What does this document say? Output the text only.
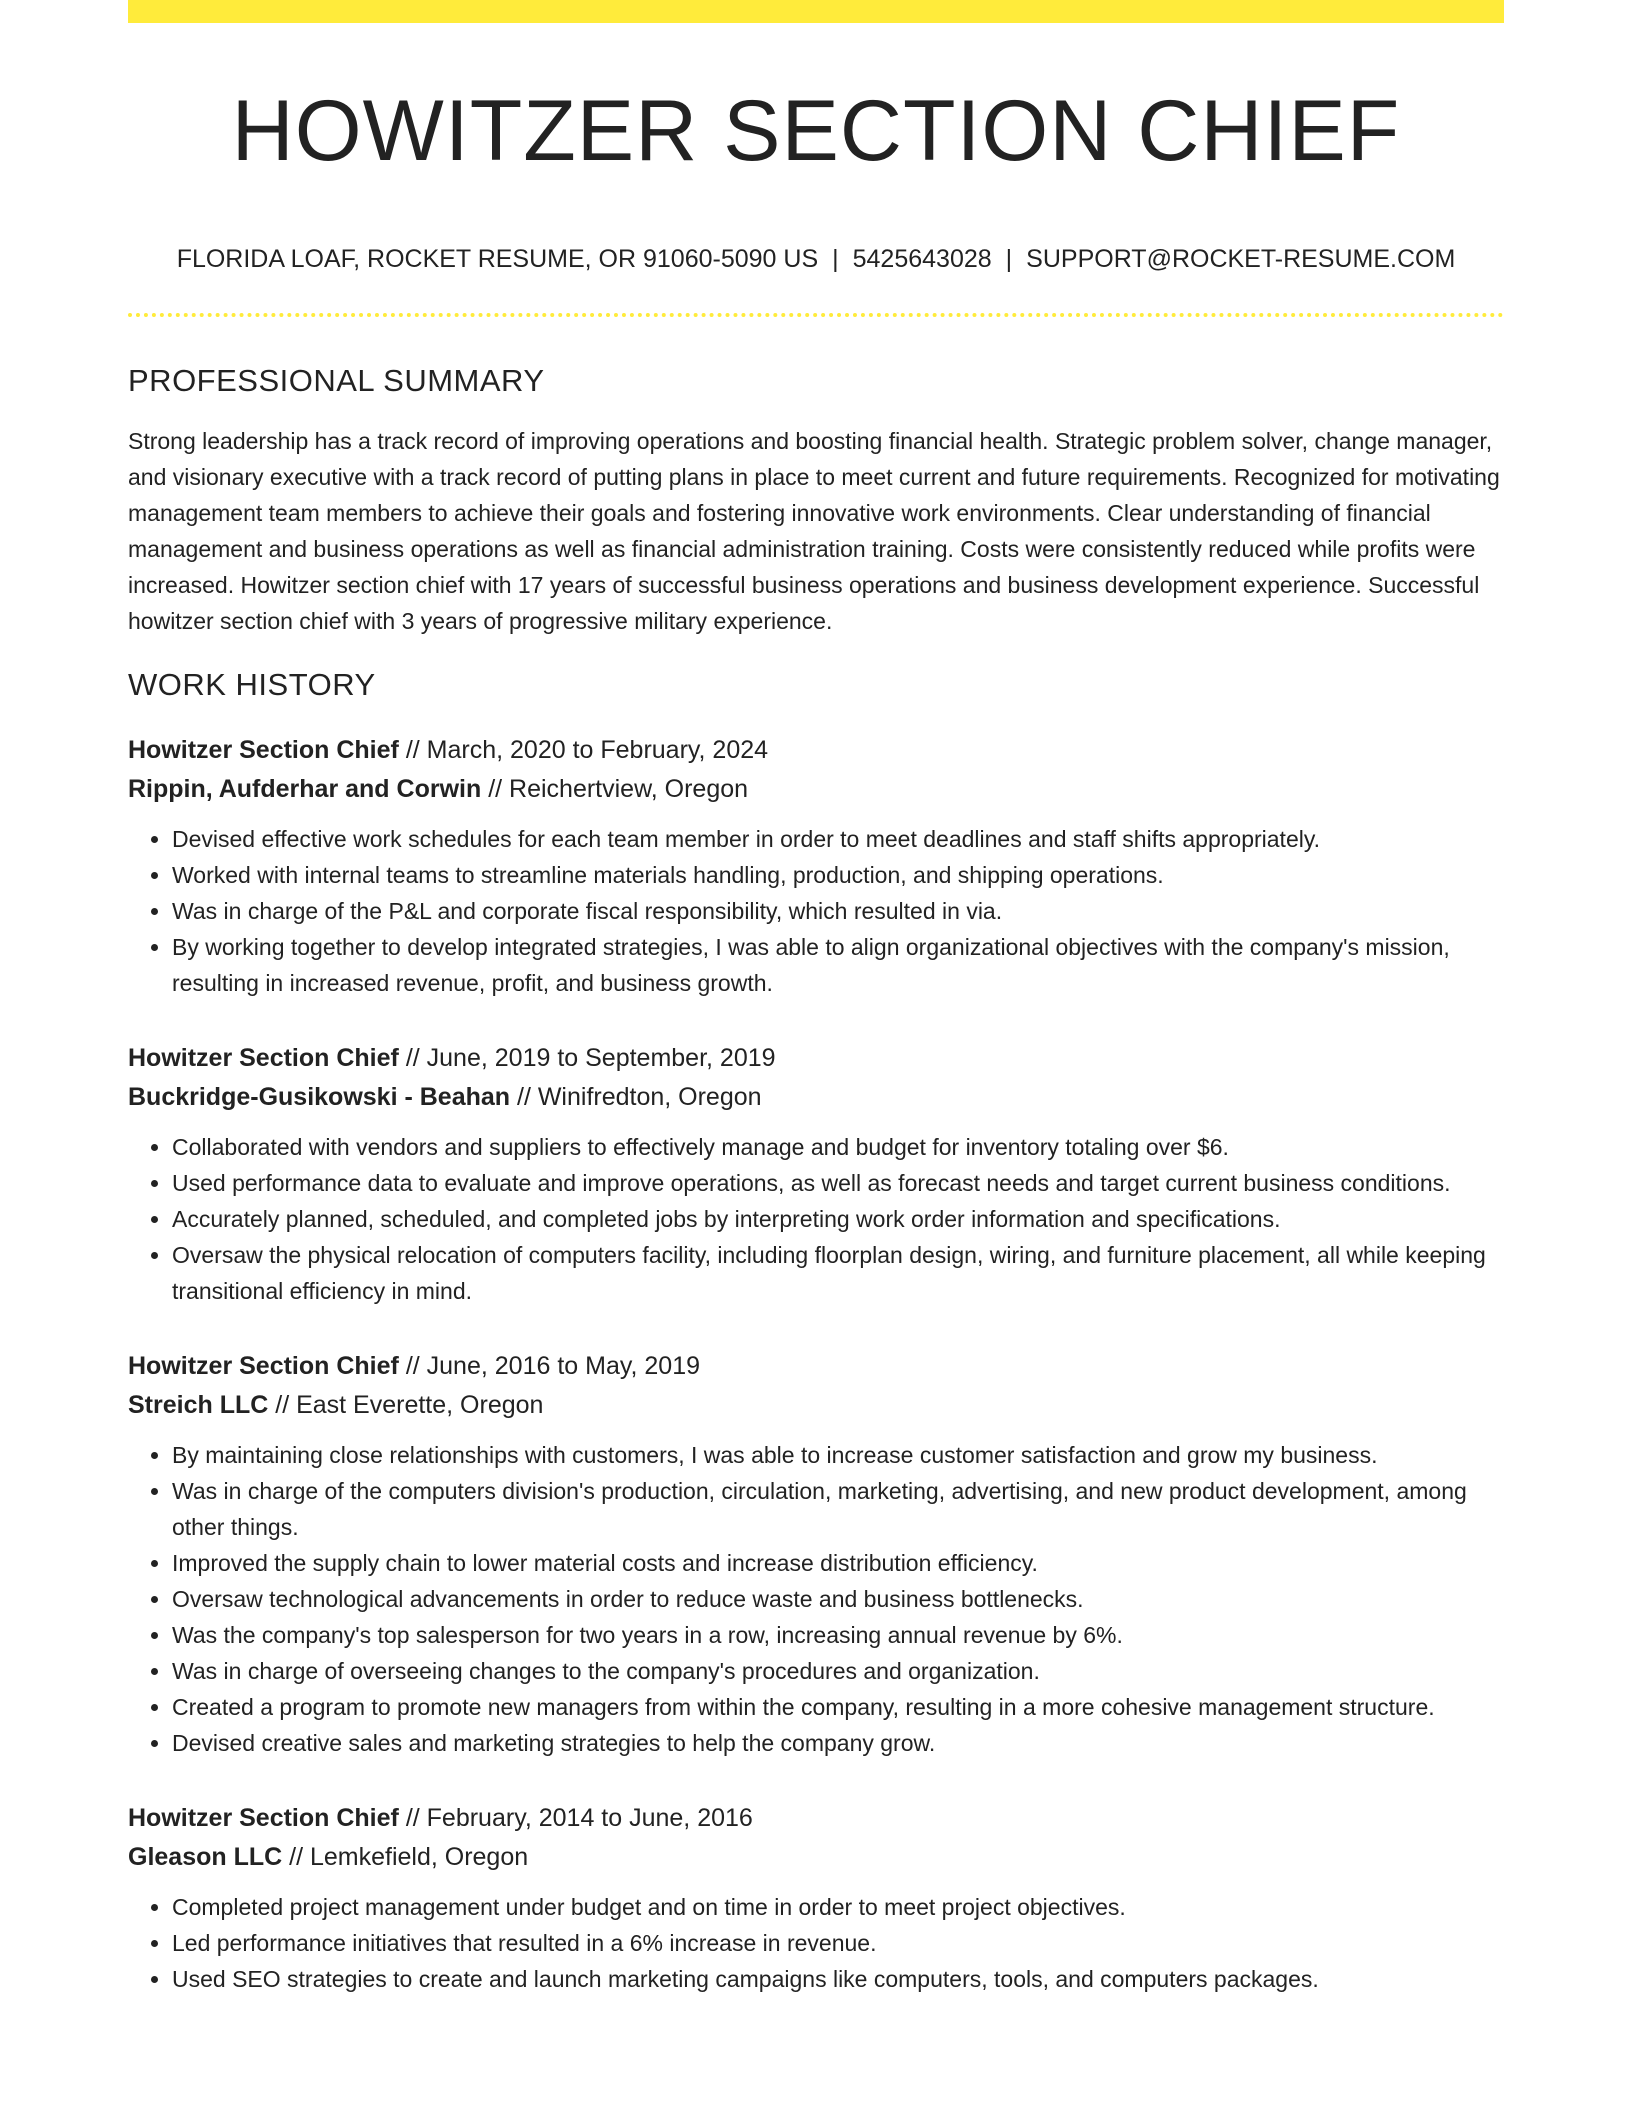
HOWITZER SECTION CHIEF
FLORIDA LOAF, ROCKET RESUME, OR 91060-5090 US | 5425643028 | SUPPORT@ROCKET-RESUME.COM
PROFESSIONAL SUMMARY
Strong leadership has a track record of improving operations and boosting financial health. Strategic problem solver, change manager, and visionary executive with a track record of putting plans in place to meet current and future requirements. Recognized for motivating management team members to achieve their goals and fostering innovative work environments. Clear understanding of financial management and business operations as well as financial administration training. Costs were consistently reduced while profits were increased. Howitzer section chief with 17 years of successful business operations and business development experience. Successful howitzer section chief with 3 years of progressive military experience.
WORK HISTORY
Howitzer Section Chief // March, 2020 to February, 2024
Rippin, Aufderhar and Corwin // Reichertview, Oregon
• Devised effective work schedules for each team member in order to meet deadlines and staff shifts appropriately.
• Worked with internal teams to streamline materials handling, production, and shipping operations.
• Was in charge of the P&L and corporate fiscal responsibility, which resulted in via.
• By working together to develop integrated strategies, I was able to align organizational objectives with the company's mission, resulting in increased revenue, profit, and business growth.
Howitzer Section Chief // June, 2019 to September, 2019
Buckridge-Gusikowski - Beahan // Winifredton, Oregon
• Collaborated with vendors and suppliers to effectively manage and budget for inventory totaling over $6.
• Used performance data to evaluate and improve operations, as well as forecast needs and target current business conditions.
• Accurately planned, scheduled, and completed jobs by interpreting work order information and specifications.
• Oversaw the physical relocation of computers facility, including floorplan design, wiring, and furniture placement, all while keeping transitional efficiency in mind.
Howitzer Section Chief // June, 2016 to May, 2019
Streich LLC // East Everette, Oregon
• By maintaining close relationships with customers, I was able to increase customer satisfaction and grow my business.
• Was in charge of the computers division's production, circulation, marketing, advertising, and new product development, among other things.
• Improved the supply chain to lower material costs and increase distribution efficiency.
• Oversaw technological advancements in order to reduce waste and business bottlenecks.
• Was the company's top salesperson for two years in a row, increasing annual revenue by 6%.
• Was in charge of overseeing changes to the company's procedures and organization.
• Created a program to promote new managers from within the company, resulting in a more cohesive management structure.
• Devised creative sales and marketing strategies to help the company grow.
Howitzer Section Chief // February, 2014 to June, 2016
Gleason LLC // Lemkefield, Oregon
• Completed project management under budget and on time in order to meet project objectives.
• Led performance initiatives that resulted in a 6% increase in revenue.
• Used SEO strategies to create and launch marketing campaigns like computers, tools, and computers packages.
